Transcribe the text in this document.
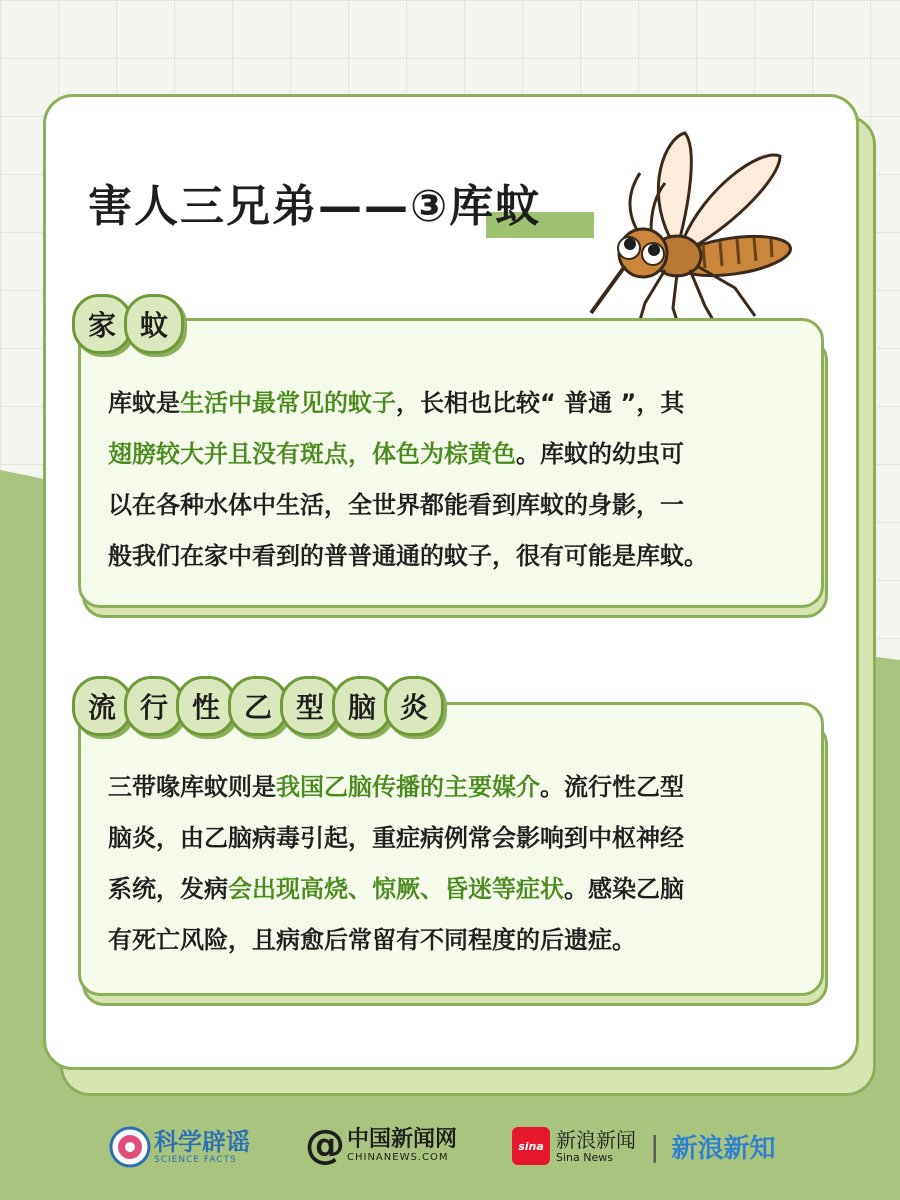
害人三兄弟——③库蚊
家 蚊

库蚊是生活中最常见的蚊子，长相也比较“ 普通 ”，其
翅膀较大并且没有斑点，体色为棕黄色。库蚊的幼虫可
以在各种水体中生活，全世界都能看到库蚊的身影，一
般我们在家中看到的普普通通的蚊子，很有可能是库蚊。

流 行 性 乙 型 脑 炎

三带喙库蚊则是我国乙脑传播的主要媒介。流行性乙型
脑炎，由乙脑病毒引起，重症病例常会影响到中枢神经
系统，发病会出现高烧、惊厥、昏迷等症状。感染乙脑
有死亡风险，且病愈后常留有不同程度的后遗症。

科学辟谣
SCIENCE FACTS	@ 中国新闻网
CHINANEWS.COM
sina 新浪新闻
Sina News	| 新浪新知
